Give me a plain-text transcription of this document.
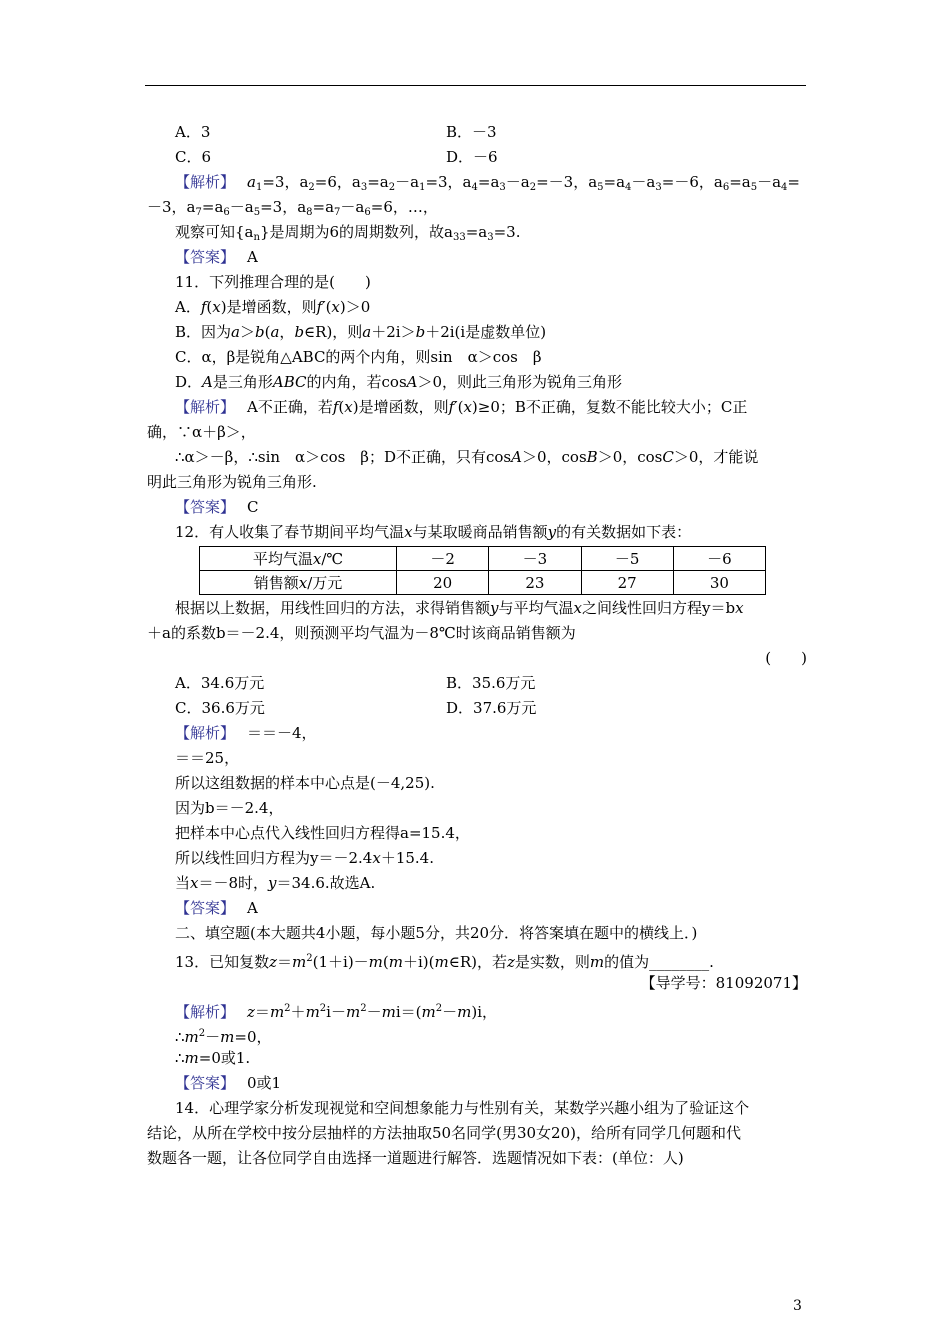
A．3	B．－3
C．6	D．－6
【解析】 $a_1=3$，$a_2=6$，$a_3=a_2-a_1=3$，$a_4=a_3-a_2=-3$，$a_5=a_4-a_3=-6$，$a_6=a_5-a_4=$
－3，$a_7=a_6-a_5=3$，$a_8=a_7-a_6=6$，…，
观察可知$\{a_n\}$是周期为6的周期数列，故$a_{33}=a_3=3$.
【答案】 A
11．下列推理合理的是(　　)
A．f(x)是增函数，则f′(x)＞0
B．因为a＞b(a，b∈R)，则a＋2i＞b＋2i(i是虚数单位)
C．α，β是锐角△ABC的两个内角，则sin　α＞cos　β
D．A是三角形ABC的内角，若cosA＞0，则此三角形为锐角三角形
【解析】 A不正确，若f(x)是增函数，则f′(x)≥0；B不正确，复数不能比较大小；C正
确，∵α＋β＞，
∴α＞－β，∴sin　α＞cos　β；D不正确，只有cosA＞0，cosB＞0，cosC＞0，才能说
明此三角形为锐角三角形.
【答案】 C
12．有人收集了春节期间平均气温x与某取暖商品销售额y的有关数据如下表：
平均气温x/℃	－2	－3	－5	－6
销售额x/万元	20	23	27	30
根据以上数据，用线性回归的方法，求得销售额y与平均气温x之间线性回归方程y＝bx
＋a的系数b＝－2.4，则预测平均气温为－8℃时该商品销售额为
(　　)
A．34.6万元	B．35.6万元
C．36.6万元	D．37.6万元
【解析】 ＝＝－4，
＝＝25，
所以这组数据的样本中心点是(－4,25).
因为b＝－2.4，
把样本中心点代入线性回归方程得a=15.4，
所以线性回归方程为y＝－2.4x＋15.4.
当x＝－8时，y＝34.6.故选A.
【答案】 A
二、填空题(本大题共4小题，每小题5分，共20分．将答案填在题中的横线上．)
13．已知复数$z=m^2(1+i)-m(m+i)(m\in R)$，若z是实数，则m的值为________.
【导学号：81092071】
【解析】 $z=m^2+m^2i-m^2-mi=(m^2-m)i$，
$\therefore m^2-m=0$，
∴m=0或1.
【答案】 0或1
14．心理学家分析发现视觉和空间想象能力与性别有关，某数学兴趣小组为了验证这个
结论，从所在学校中按分层抽样的方法抽取50名同学(男30女20)，给所有同学几何题和代
数题各一题，让各位同学自由选择一道题进行解答．选题情况如下表：(单位：人)
3
